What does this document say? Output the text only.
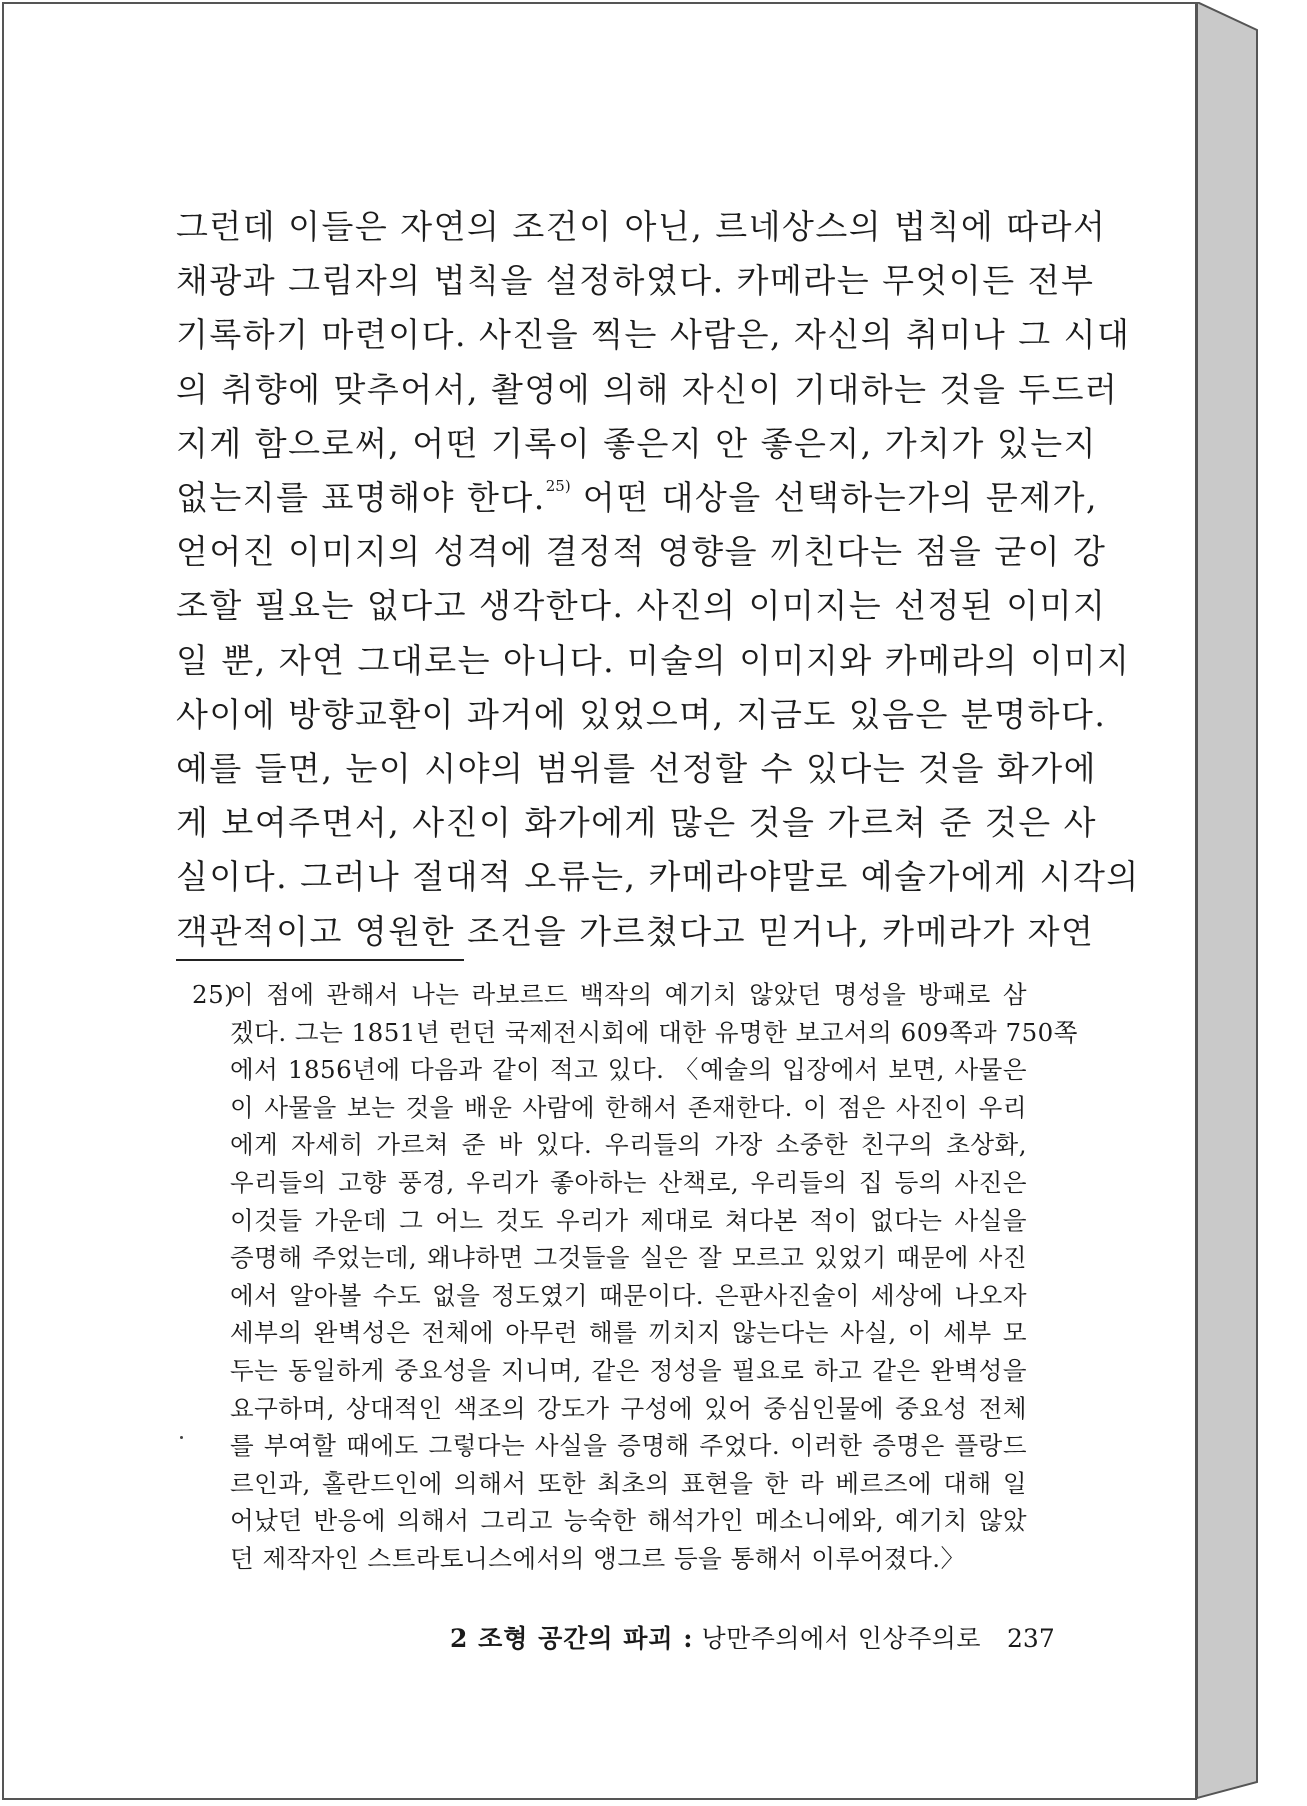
그런데 이들은 자연의 조건이 아닌, 르네상스의 법칙에 따라서
채광과 그림자의 법칙을 설정하였다. 카메라는 무엇이든 전부
기록하기 마련이다. 사진을 찍는 사람은, 자신의 취미나 그 시대
의 취향에 맞추어서, 촬영에 의해 자신이 기대하는 것을 두드러
지게 함으로써, 어떤 기록이 좋은지 안 좋은지, 가치가 있는지
없는지를 표명해야 한다.$^{25)}$ 어떤 대상을 선택하는가의 문제가,
얻어진 이미지의 성격에 결정적 영향을 끼친다는 점을 굳이 강
조할 필요는 없다고 생각한다. 사진의 이미지는 선정된 이미지
일 뿐, 자연 그대로는 아니다. 미술의 이미지와 카메라의 이미지
사이에 방향교환이 과거에 있었으며, 지금도 있음은 분명하다.
예를 들면, 눈이 시야의 범위를 선정할 수 있다는 것을 화가에
게 보여주면서, 사진이 화가에게 많은 것을 가르쳐 준 것은 사
실이다. 그러나 절대적 오류는, 카메라야말로 예술가에게 시각의
객관적이고 영원한 조건을 가르쳤다고 믿거나, 카메라가 자연

25)이 점에 관해서 나는 라보르드 백작의 예기치 않았던 명성을 방패로 삼
겠다. 그는 1851년 런던 국제전시회에 대한 유명한 보고서의 609쪽과 750쪽
에서 1856년에 다음과 같이 적고 있다. 〈예술의 입장에서 보면, 사물은
이 사물을 보는 것을 배운 사람에 한해서 존재한다. 이 점은 사진이 우리
에게 자세히 가르쳐 준 바 있다. 우리들의 가장 소중한 친구의 초상화,
우리들의 고향 풍경, 우리가 좋아하는 산책로, 우리들의 집 등의 사진은
이것들 가운데 그 어느 것도 우리가 제대로 쳐다본 적이 없다는 사실을
증명해 주었는데, 왜냐하면 그것들을 실은 잘 모르고 있었기 때문에 사진
에서 알아볼 수도 없을 정도였기 때문이다. 은판사진술이 세상에 나오자
세부의 완벽성은 전체에 아무런 해를 끼치지 않는다는 사실, 이 세부 모
두는 동일하게 중요성을 지니며, 같은 정성을 필요로 하고 같은 완벽성을
요구하며, 상대적인 색조의 강도가 구성에 있어 중심인물에 중요성 전체
를 부여할 때에도 그렇다는 사실을 증명해 주었다. 이러한 증명은 플랑드
르인과, 홀란드인에 의해서 또한 최초의 표현을 한 라 베르즈에 대해 일
어났던 반응에 의해서 그리고 능숙한 해석가인 메소니에와, 예기치 않았
던 제작자인 스트라토니스에서의 앵그르 등을 통해서 이루어졌다.〉
2 조형 공간의 파괴 : 낭만주의에서 인상주의로 237
